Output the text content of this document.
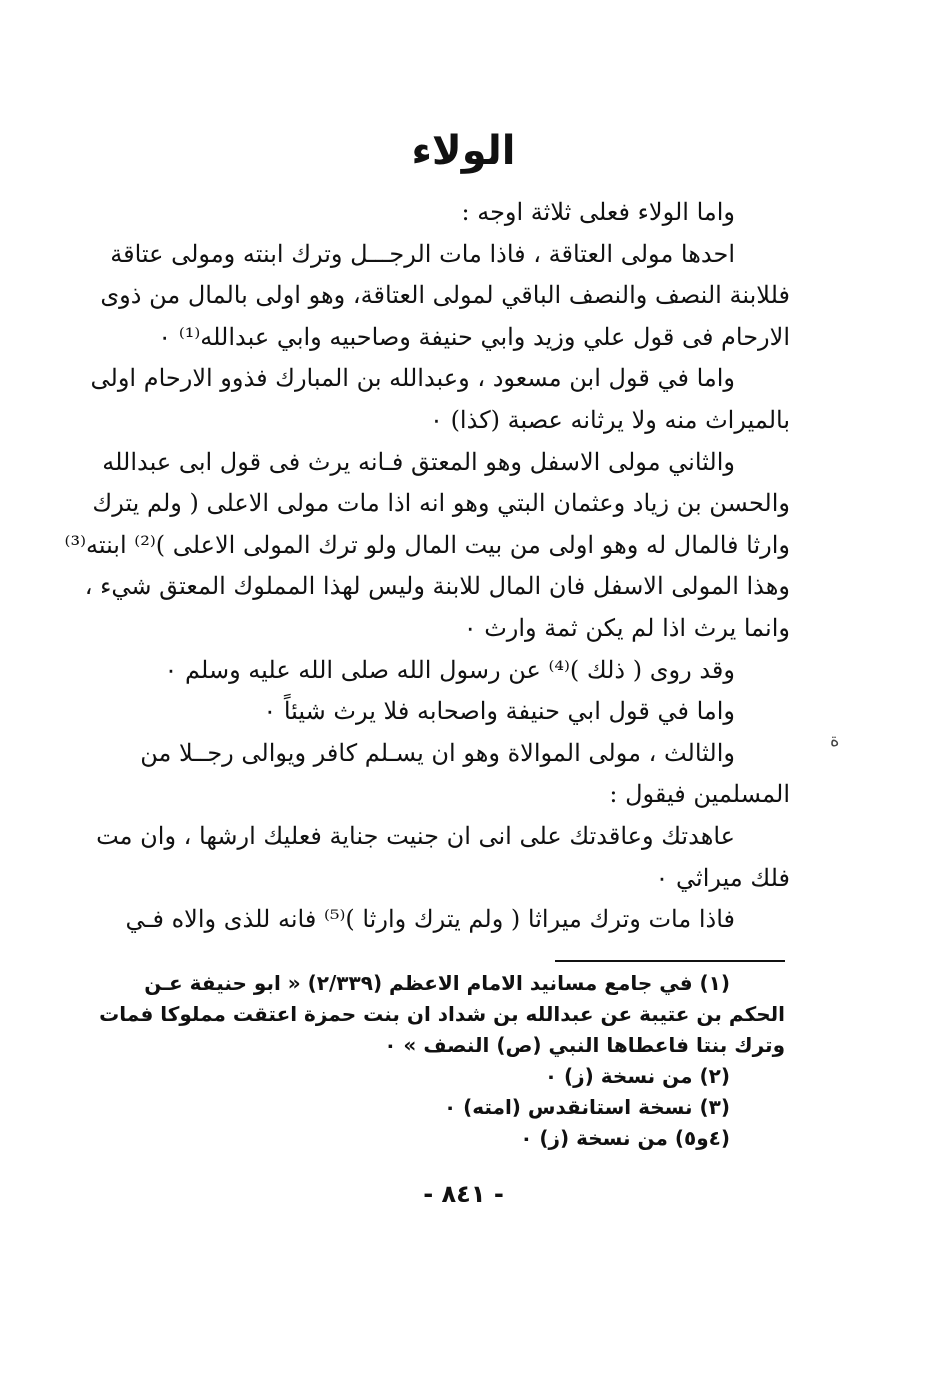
الولاء
واما الولاء فعلى ثلاثة اوجه :
احدها مولى العتاقة ، فاذا مات الرجـــل وترك ابنته ومولى عتاقة
فللابنة النصف والنصف الباقي لمولى العتاقة، وهو اولى بالمال من ذوى
الارحام فى قول علي وزيد وابي حنيفة وصاحبيه وابي عبدالله⁽¹⁾ ٠
واما في قول ابن مسعود ، وعبدالله بن المبارك فذوو الارحام اولى
بالميراث منه ولا يرثانه عصبة (كذا) ٠
والثاني مولى الاسفل وهو المعتق فـانه يرث فى قول ابى عبدالله
والحسن بن زياد وعثمان البتي وهو انه اذا مات مولى الاعلى ( ولم يترك
وارثا فالمال له وهو اولى من بيت المال ولو ترك المولى الاعلى )⁽²⁾ ابنته⁽³⁾
وهذا المولى الاسفل فان المال للابنة وليس لهذا المملوك المعتق شيء ،
وانما يرث اذا لم يكن ثمة وارث ٠
وقد روى ( ذلك )⁽⁴⁾ عن رسول الله صلى الله عليه وسلم ٠
واما في قول ابي حنيفة واصحابه فلا يرث شيئاً ٠
والثالث ، مولى الموالاة وهو ان يسـلم كافر ويوالى رجــلا من
المسلمين فيقول :
عاهدتك وعاقدتك على انى ان جنيت جناية فعليك ارشها ، وان مت
فلك ميراثي ٠
فاذا مات وترك ميراثا ( ولم يترك وارثا )⁽⁵⁾ فانه للذى والاه فـي
ﺓ
(١) في جامع مسانيد الامام الاعظم (٢/٣٣٩) « ابو حنيفة عـن
الحكم بن عتيبة عن عبدالله بن شداد ان بنت حمزة اعتقت مملوكا فمات
وترك بنتا فاعطاها النبي (ص) النصف » ٠
(٢) من نسخة (ز) ٠
(٣) نسخة استانقدس (امته) ٠
(٤و٥) من نسخة (ز) ٠
- ٨٤١ -
